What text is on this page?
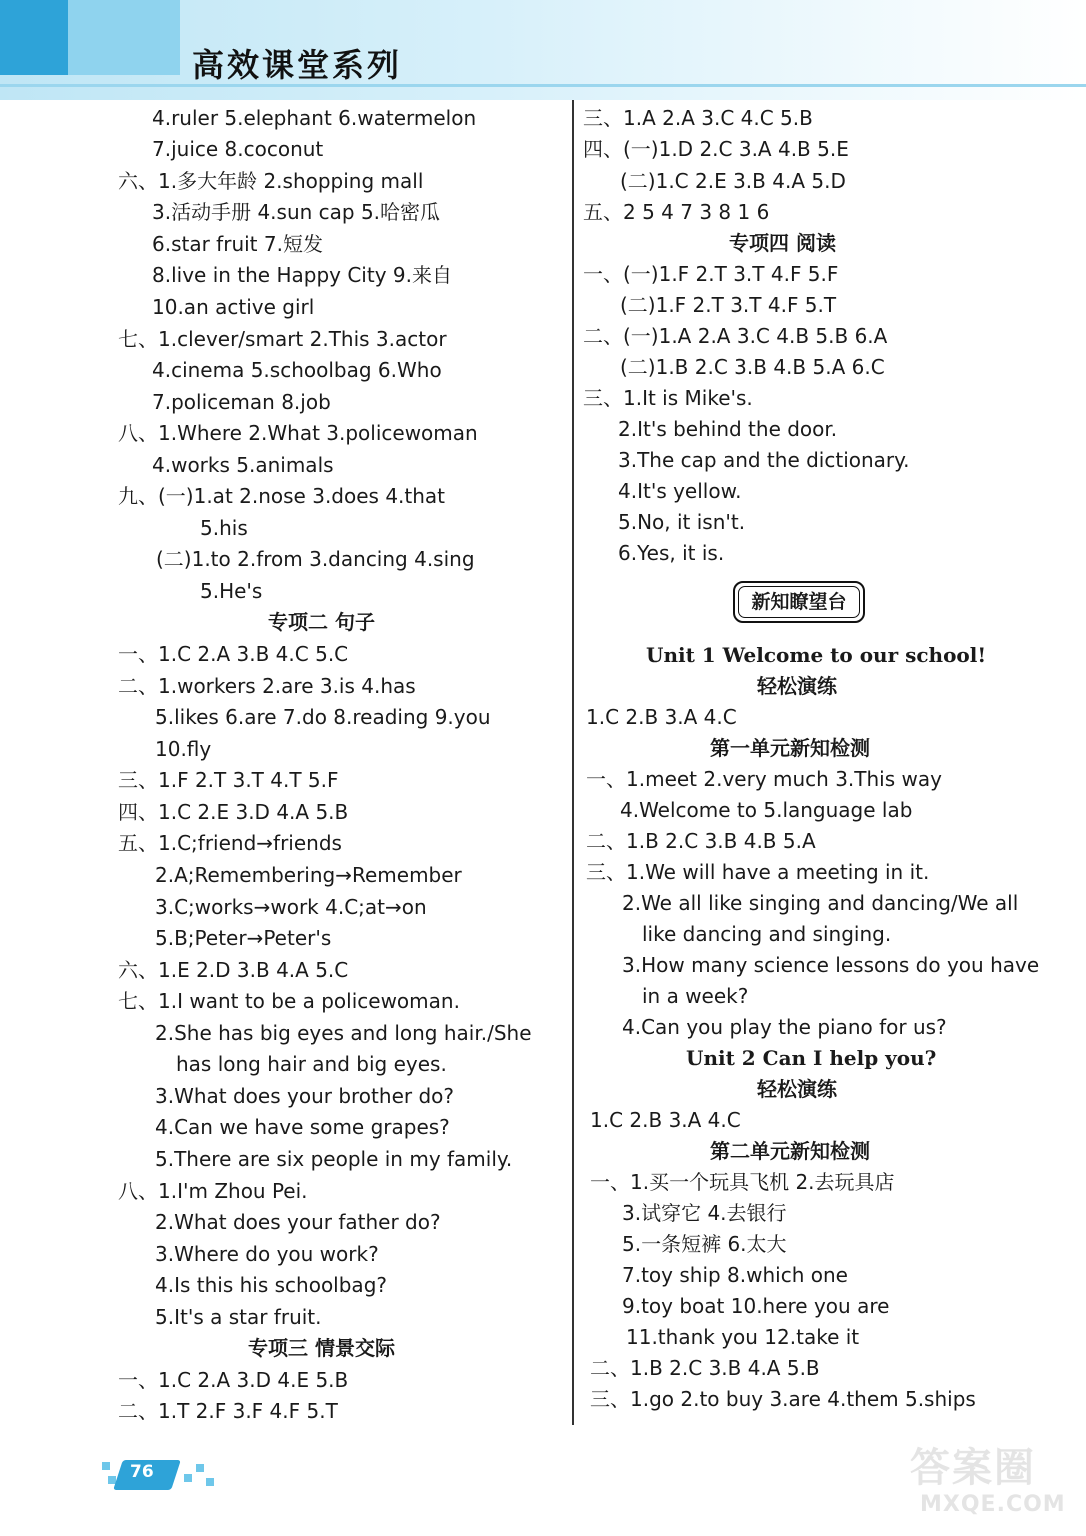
高效课堂系列
4.ruler 5.elephant 6.watermelon
7.juice 8.coconut
六、1.多大年龄 2.shopping mall
3.活动手册 4.sun cap 5.哈密瓜
6.star fruit 7.短发
8.live in the Happy City 9.来自
10.an active girl
七、1.clever/smart 2.This 3.actor
4.cinema 5.schoolbag 6.Who
7.policeman 8.job
八、1.Where 2.What 3.policewoman
4.works 5.animals
九、(一)1.at 2.nose 3.does 4.that
5.his
(二)1.to 2.from 3.dancing 4.sing
5.He's
专项二 句子
一、1.C 2.A 3.B 4.C 5.C
二、1.workers 2.are 3.is 4.has
5.likes 6.are 7.do 8.reading 9.you
10.fly
三、1.F 2.T 3.T 4.T 5.F
四、1.C 2.E 3.D 4.A 5.B
五、1.C;friend→friends
2.A;Remembering→Remember
3.C;works→work 4.C;at→on
5.B;Peter→Peter's
六、1.E 2.D 3.B 4.A 5.C
七、1.I want to be a policewoman.
2.She has big eyes and long hair./She
has long hair and big eyes.
3.What does your brother do?
4.Can we have some grapes?
5.There are six people in my family.
八、1.I'm Zhou Pei.
2.What does your father do?
3.Where do you work?
4.Is this his schoolbag?
5.It's a star fruit.
专项三 情景交际
一、1.C 2.A 3.D 4.E 5.B
二、1.T 2.F 3.F 4.F 5.T
三、1.A 2.A 3.C 4.C 5.B
四、(一)1.D 2.C 3.A 4.B 5.E
(二)1.C 2.E 3.B 4.A 5.D
五、2 5 4 7 3 8 1 6
专项四 阅读
一、(一)1.F 2.T 3.T 4.F 5.F
(二)1.F 2.T 3.T 4.F 5.T
二、(一)1.A 2.A 3.C 4.B 5.B 6.A
(二)1.B 2.C 3.B 4.B 5.A 6.C
三、1.It is Mike's.
2.It's behind the door.
3.The cap and the dictionary.
4.It's yellow.
5.No, it isn't.
6.Yes, it is.
Unit 1 Welcome to our school!
轻松演练
1.C 2.B 3.A 4.C
第一单元新知检测
一、1.meet 2.very much 3.This way
4.Welcome to 5.language lab
二、1.B 2.C 3.B 4.B 5.A
三、1.We will have a meeting in it.
2.We all like singing and dancing/We all
like dancing and singing.
3.How many science lessons do you have
in a week?
4.Can you play the piano for us?
Unit 2 Can I help you?
轻松演练
1.C 2.B 3.A 4.C
第二单元新知检测
一、1.买一个玩具飞机 2.去玩具店
3.试穿它 4.去银行
5.一条短裤 6.太大
7.toy ship 8.which one
9.toy boat 10.here you are
11.thank you 12.take it
二、1.B 2.C 3.B 4.A 5.B
三、1.go 2.to buy 3.are 4.them 5.ships
新知瞭望台
76	答案圈
MXQE.COM
